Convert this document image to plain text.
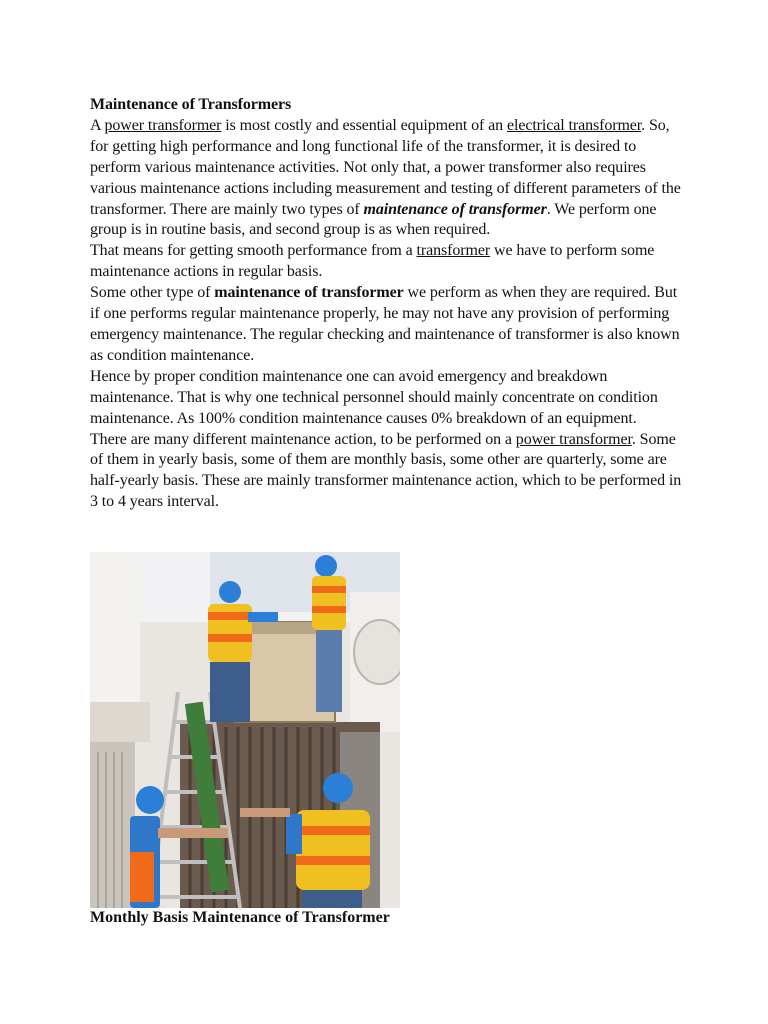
Maintenance of Transformers

A power transformer is most costly and essential equipment of an electrical transformer. So, for getting high performance and long functional life of the transformer, it is desired to perform various maintenance activities. Not only that, a power transformer also requires various maintenance actions including measurement and testing of different parameters of the transformer. There are mainly two types of maintenance of transformer. We perform one group is in routine basis, and second group is as when required.

That means for getting smooth performance from a transformer we have to perform some maintenance actions in regular basis.

Some other type of maintenance of transformer we perform as when they are required. But if one performs regular maintenance properly, he may not have any provision of performing emergency maintenance. The regular checking and maintenance of transformer is also known as condition maintenance.

Hence by proper condition maintenance one can avoid emergency and breakdown maintenance. That is why one technical personnel should mainly concentrate on condition maintenance. As 100% condition maintenance causes 0% breakdown of an equipment.

There are many different maintenance action, to be performed on a power transformer. Some of them in yearly basis, some of them are monthly basis, some other are quarterly, some are half-yearly basis. These are mainly transformer maintenance action, which to be performed in 3 to 4 years interval.

Monthly Basis Maintenance of Transformer
